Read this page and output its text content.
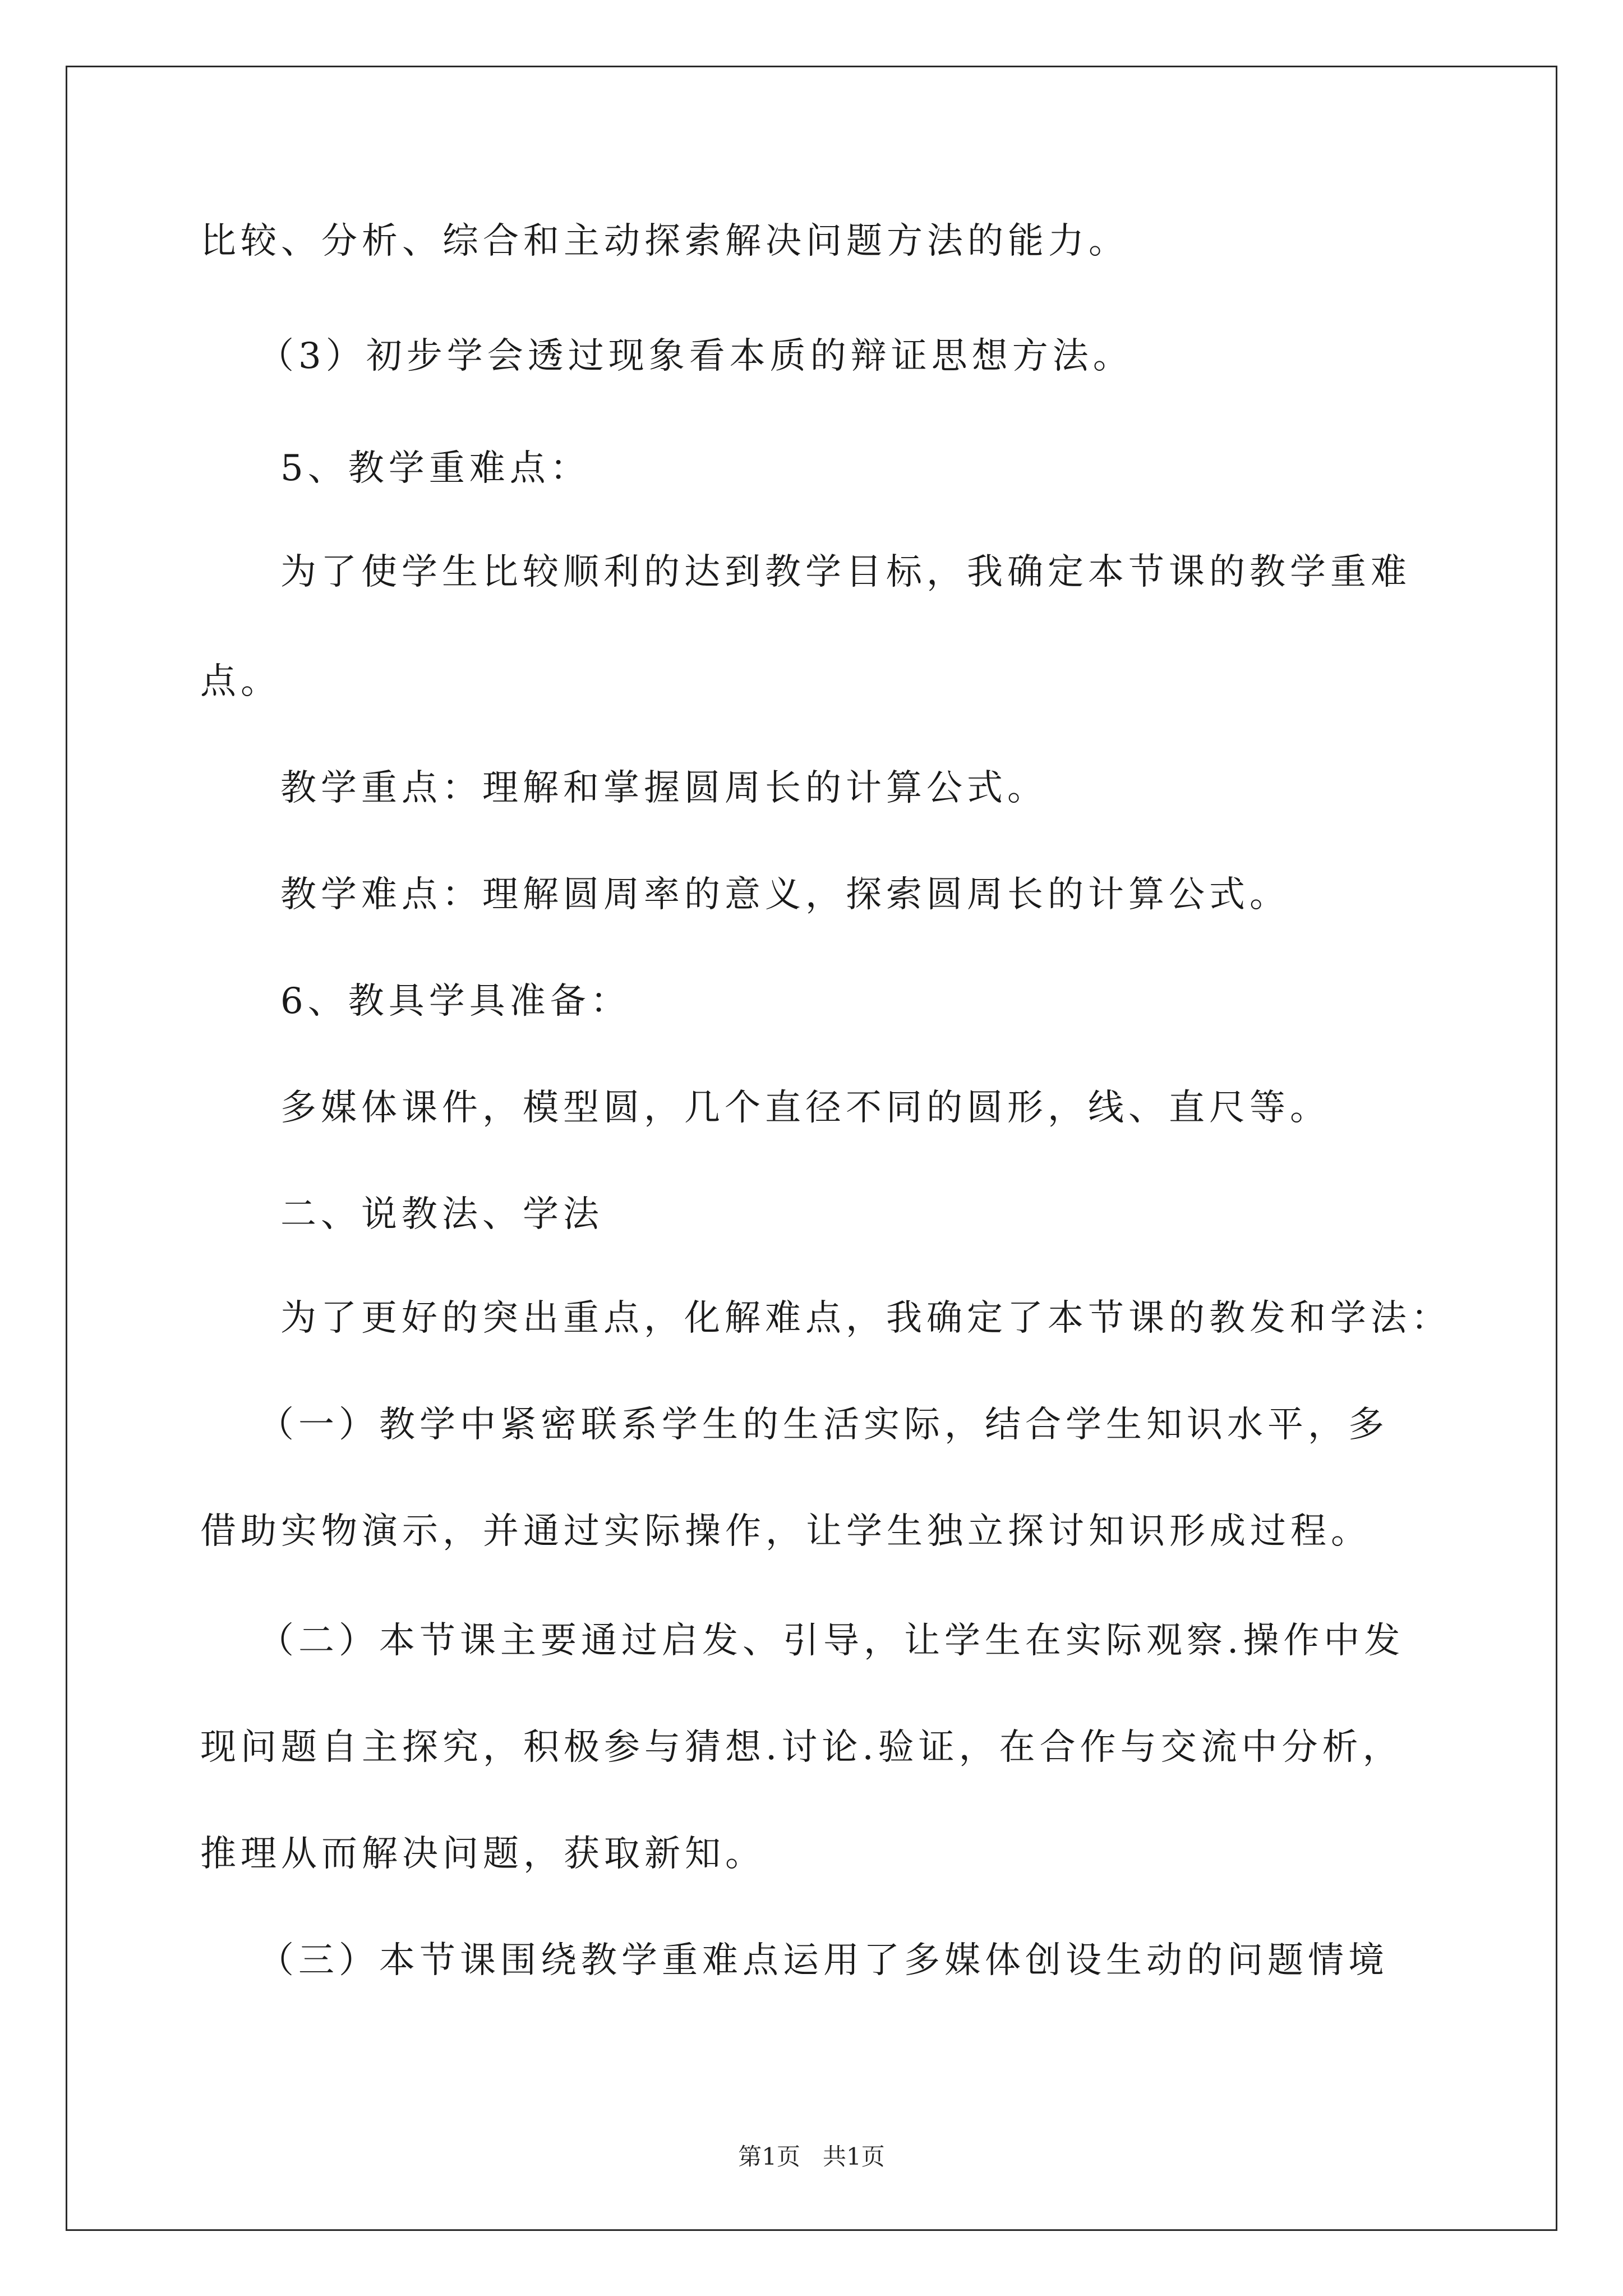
比较、分析、综合和主动探索解决问题方法的能力。
（3）初步学会透过现象看本质的辩证思想方法。
5、教学重难点：
为了使学生比较顺利的达到教学目标，我确定本节课的教学重难
点。
教学重点：理解和掌握圆周长的计算公式。
教学难点：理解圆周率的意义，探索圆周长的计算公式。
6、教具学具准备：
多媒体课件，模型圆，几个直径不同的圆形，线、直尺等。
二、说教法、学法
为了更好的突出重点，化解难点，我确定了本节课的教发和学法：
（一）教学中紧密联系学生的生活实际，结合学生知识水平，多
借助实物演示，并通过实际操作，让学生独立探讨知识形成过程。
（二）本节课主要通过启发、引导，让学生在实际观察.操作中发
现问题自主探究，积极参与猜想.讨论.验证，在合作与交流中分析，
推理从而解决问题，获取新知。
（三）本节课围绕教学重难点运用了多媒体创设生动的问题情境
第1页   共1页
